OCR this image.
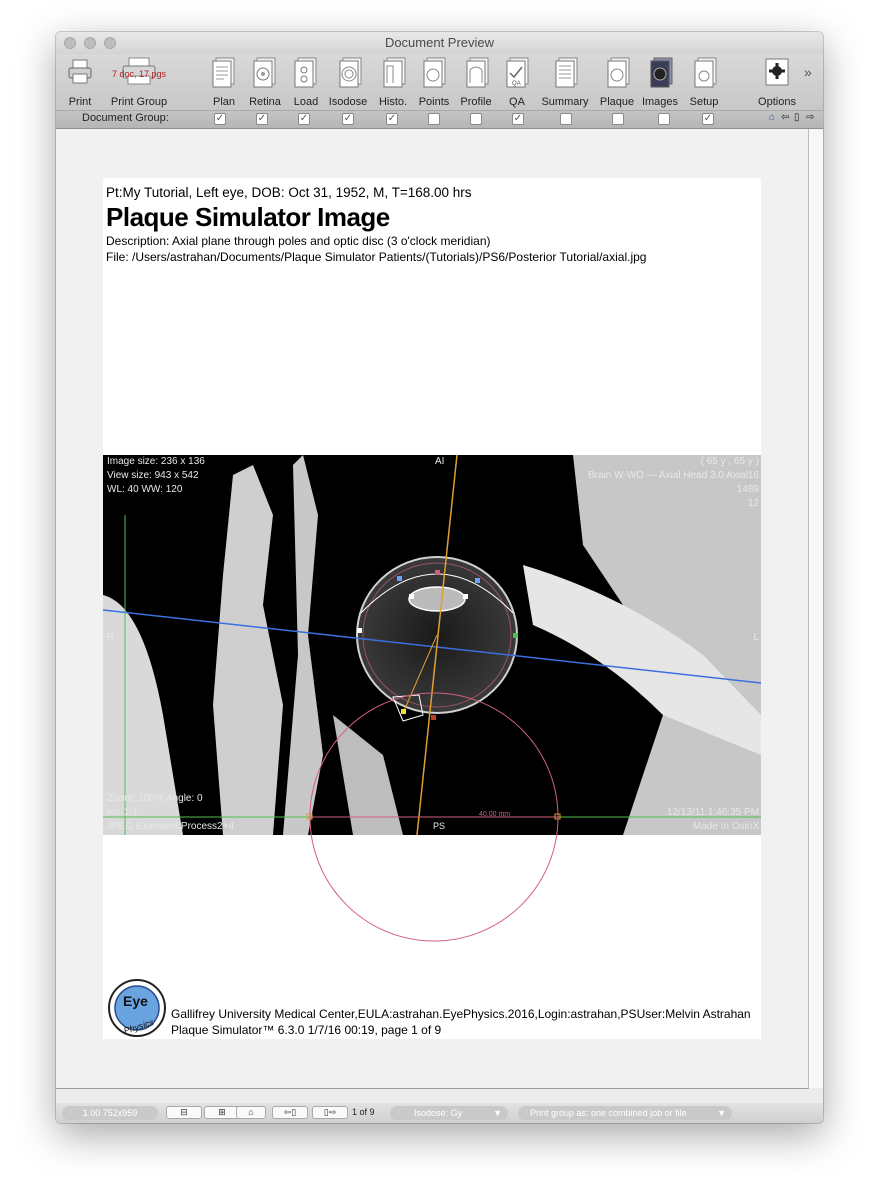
Document Preview
Print
7 doc, 17 pgs
Print Group	Plan	Retina	Load Isodose	Histo.	Points	Profile
QA
QA	Summary	Plaque Images	Setup	Options
»
Document Group:	✓	✓	✓	✓	✓	✓	✓	⌂ ⇦ ▯ ⇨
Pt:My Tutorial, Left eye, DOB: Oct 31, 1952, M, T=168.00 hrs
Plaque Simulator Image
Description: Axial plane through poles and optic disc (3 o'clock meridian)
File: /Users/astrahan/Documents/Plaque Simulator Patients/(Tutorials)/PS6/Posterior Tutorial/axial.jpg
Image size: 236 x 136
View size: 943 x 542
WL: 40 WW: 120
AI	( 65 y , 65 y )
Brain W-WO — Axial Head 3.0 Axial16
1489
12
R	L
Zoom: 100% Angle: 0
Im: 1/1
JPEG Extended:Process2+4	PS
40.00 mm	12/13/11 1:46:35 PM
Made In OsiriX
Eye
Physics
Gallifrey University Medical Center,EULA:astrahan.EyePhysics.2016,Login:astrahan,PSUser:Melvin Astrahan
Plaque Simulator™ 6.3.0 1/7/16 00:19, page 1 of 9
1.00 752x959	⊟	⊞	⌂	⇦▯	▯⇨	1 of 9	Isodose: Gy	▼	Print group as: one combined job or file	▼
